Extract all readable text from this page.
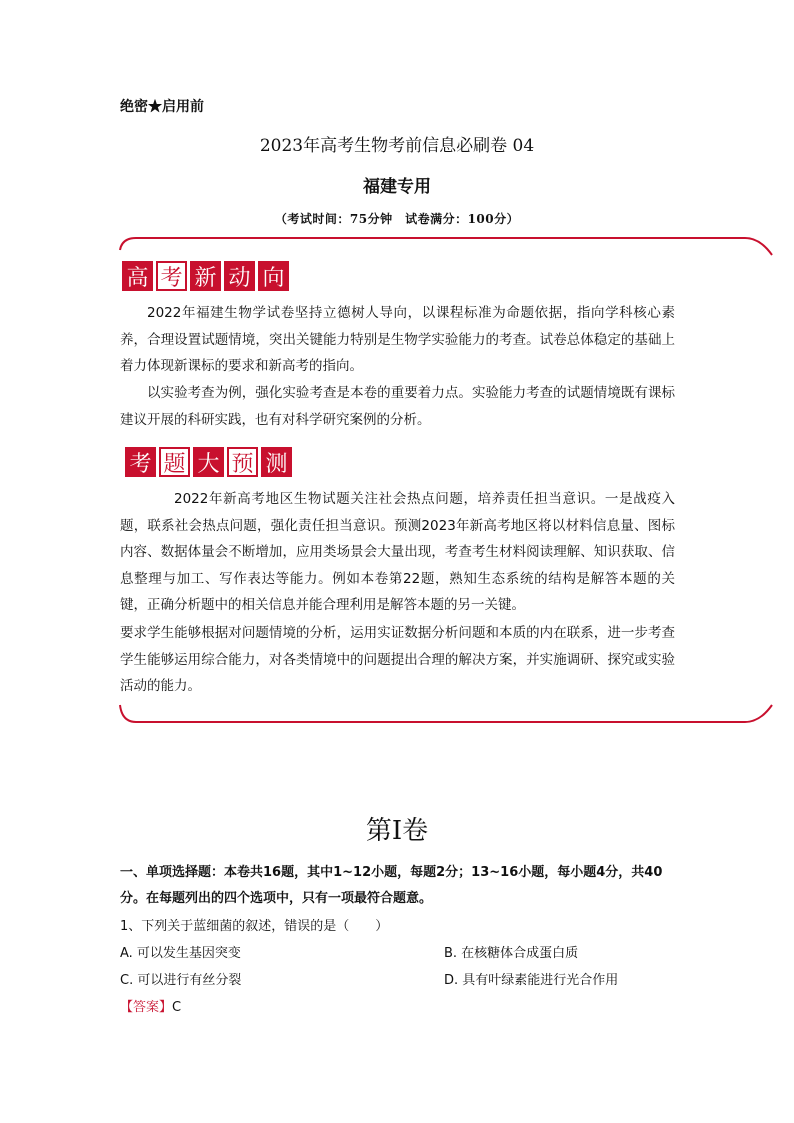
绝密★启用前
2023年高考生物考前信息必刷卷 04
福建专用
（考试时间：75分钟　试卷满分：100分）
高 考 新 动 向
2022年福建生物学试卷坚持立德树人导向，以课程标准为命题依据，指向学科核心素养，合理设置试题情境，突出关键能力特别是生物学实验能力的考查。试卷总体稳定的基础上着力体现新课标的要求和新高考的指向。
以实验考查为例，强化实验考查是本卷的重要着力点。实验能力考查的试题情境既有课标建议开展的科研实践，也有对科学研究案例的分析。
考 题 大 预 测
2022年新高考地区生物试题关注社会热点问题，培养责任担当意识。一是战疫入题，联系社会热点问题，强化责任担当意识。预测2023年新高考地区将以材料信息量、图标内容、数据体量会不断增加，应用类场景会大量出现，考查考生材料阅读理解、知识获取、信息整理与加工、写作表达等能力。例如本卷第22题，熟知生态系统的结构是解答本题的关键，正确分析题中的相关信息并能合理利用是解答本题的另一关键。
要求学生能够根据对问题情境的分析，运用实证数据分析问题和本质的内在联系，进一步考查学生能够运用综合能力，对各类情境中的问题提出合理的解决方案，并实施调研、探究或实验活动的能力。
第I卷
一、单项选择题：本卷共16题，其中1~12小题，每题2分；13~16小题，每小题4分，共40分。在每题列出的四个选项中，只有一项最符合题意。
1、下列关于蓝细菌的叙述，错误的是（　　）
A. 可以发生基因突变	B. 在核糖体合成蛋白质
C. 可以进行有丝分裂	D. 具有叶绿素能进行光合作用
【答案】C
